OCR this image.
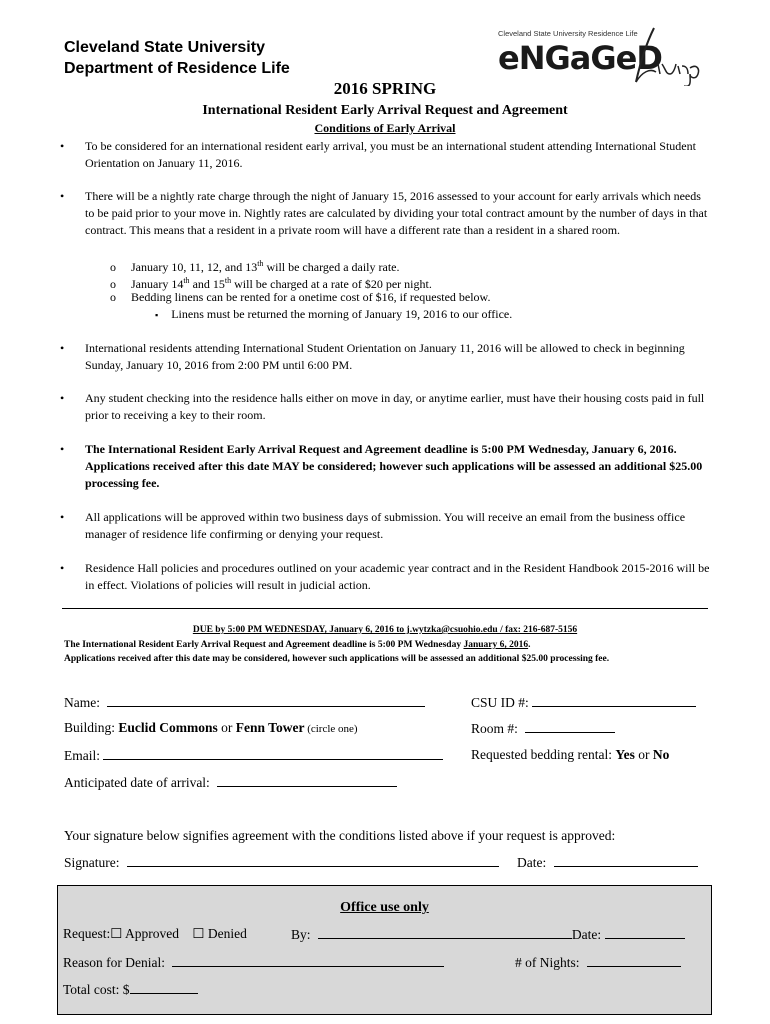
Cleveland State University
Department of Residence Life
Cleveland State University Residence Life
eNGaGeD
2016 SPRING
International Resident Early Arrival Request and Agreement
Conditions of Early Arrival
• To be considered for an international resident early arrival, you must be an international student attending International Student Orientation on January 11, 2016.
• There will be a nightly rate charge through the night of January 15, 2016 assessed to your account for early arrivals which needs to be paid prior to your move in. Nightly rates are calculated by dividing your total contract amount by the number of days in that contract. This means that a resident in a private room will have a different rate than a resident in a shared room.
o January 10, 11, 12, and 13th will be charged a daily rate.
o January 14th and 15th will be charged at a rate of $20 per night.
o Bedding linens can be rented for a onetime cost of $16, if requested below.
▪ Linens must be returned the morning of January 19, 2016 to our office.
• International residents attending International Student Orientation on January 11, 2016 will be allowed to check in beginning Sunday, January 10, 2016 from 2:00 PM until 6:00 PM.
• Any student checking into the residence halls either on move in day, or anytime earlier, must have their housing costs paid in full prior to receiving a key to their room.
• The International Resident Early Arrival Request and Agreement deadline is 5:00 PM Wednesday, January 6, 2016. Applications received after this date MAY be considered; however such applications will be assessed an additional $25.00 processing fee.
• All applications will be approved within two business days of submission. You will receive an email from the business office manager of residence life confirming or denying your request.
• Residence Hall policies and procedures outlined on your academic year contract and in the Resident Handbook 2015-2016 will be in effect. Violations of policies will result in judicial action.
DUE by 5:00 PM WEDNESDAY, January 6, 2016 to j.wytzka@csuohio.edu / fax: 216-687-5156
The International Resident Early Arrival Request and Agreement deadline is 5:00 PM Wednesday January 6, 2016.
Applications received after this date may be considered, however such applications will be assessed an additional $25.00 processing fee.
Name:	CSU ID #:
Building: Euclid Commons or Fenn Tower (circle one)	Room #:
Email:	Requested bedding rental: Yes or No
Anticipated date of arrival:
Your signature below signifies agreement with the conditions listed above if your request is approved:
Signature:	Date:
Office use only
Request:☐ Approved ☐ Denied	By:	Date:
Reason for Denial:	# of Nights:
Total cost: $
